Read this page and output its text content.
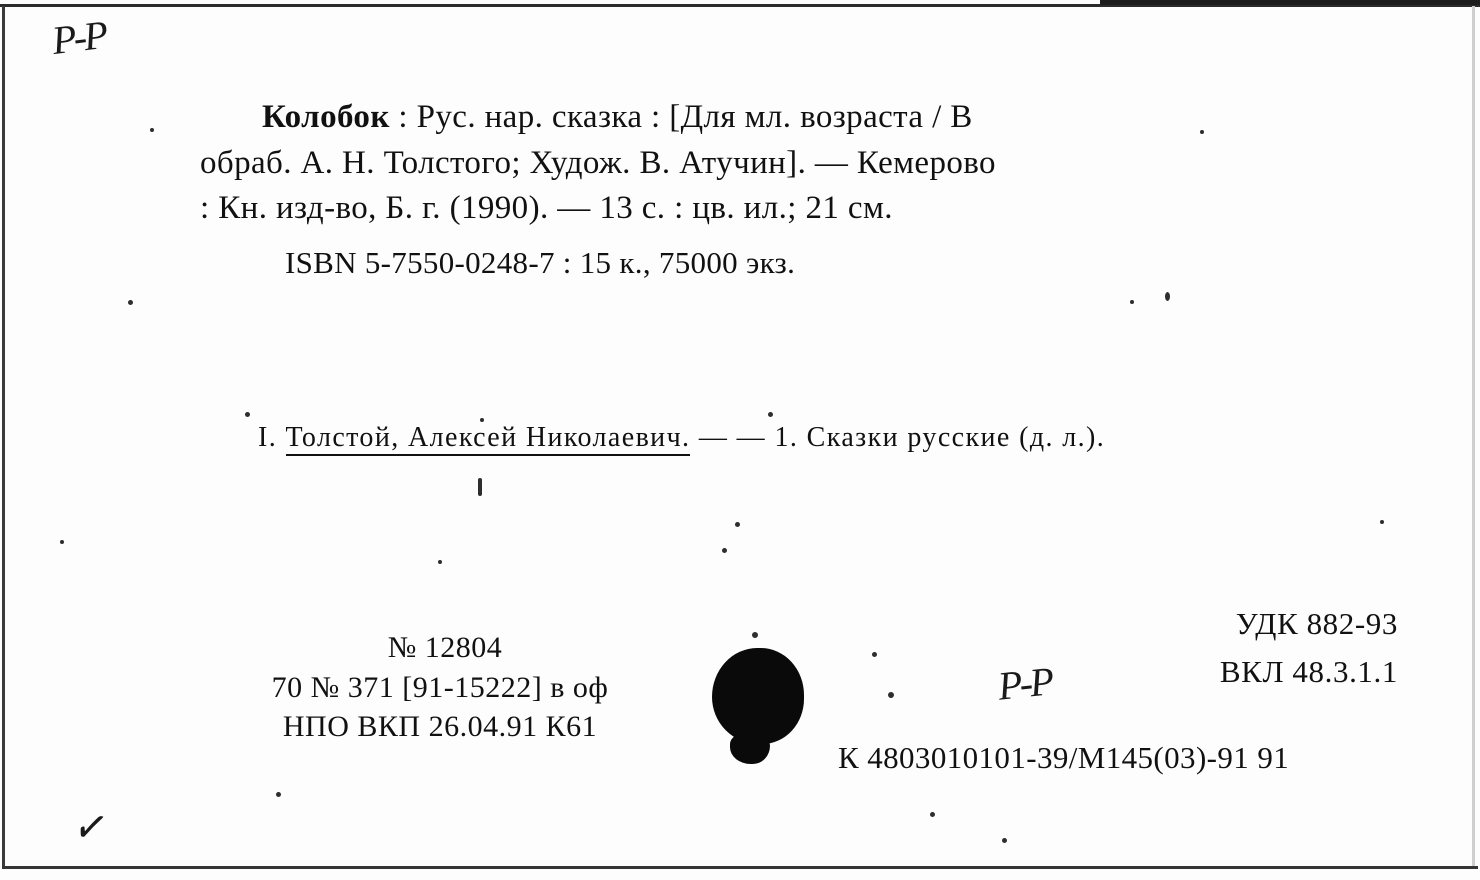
Колобок : Рус. нар. сказка : [Для мл. возраста / В
обраб. А. Н. Толстого; Худож. В. Атучин]. — Кемерово
: Кн. изд-во, Б. г. (1990). — 13 с. : цв. ил.; 21 см.
ISBN 5-7550-0248-7 : 15 к., 75000 экз.
I. Толстой, Алексей Николаевич. — — 1. Сказки русские (д. л.).
№ 12804
70 № 371 [91-15222] в оф
НПО ВКП 26.04.91 К61
УДК 882-93
ВКЛ 48.3.1.1
К 4803010101-39/М145(03)-91 91
Р-Р
Р-Р
✓
